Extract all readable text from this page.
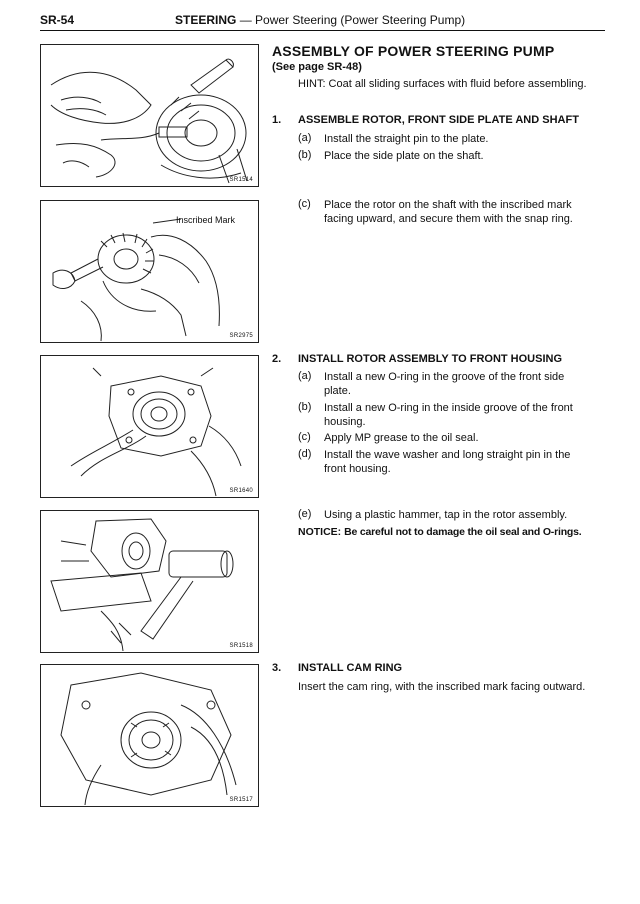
SR-54	STEERING — Power Steering (Power Steering Pump)
SR1514
Inscribed Mark
SR2975
SR1640
SR1518
SR1517
ASSEMBLY OF POWER STEERING PUMP
(See page SR-48)
HINT: Coat all sliding surfaces with fluid before assembling.
1. ASSEMBLE ROTOR, FRONT SIDE PLATE AND SHAFT
(a) Install the straight pin to the plate.
(b) Place the side plate on the shaft.
(c) Place the rotor on the shaft with the inscribed mark facing upward, and secure them with the snap ring.
2. INSTALL ROTOR ASSEMBLY TO FRONT HOUSING
(a) Install a new O-ring in the groove of the front side plate.
(b) Install a new O-ring in the inside groove of the front housing.
(c) Apply MP grease to the oil seal.
(d) Install the wave washer and long straight pin in the front housing.
(e) Using a plastic hammer, tap in the rotor assembly.
NOTICE: Be careful not to damage the oil seal and O-rings.
3. INSTALL CAM RING
Insert the cam ring, with the inscribed mark facing outward.
